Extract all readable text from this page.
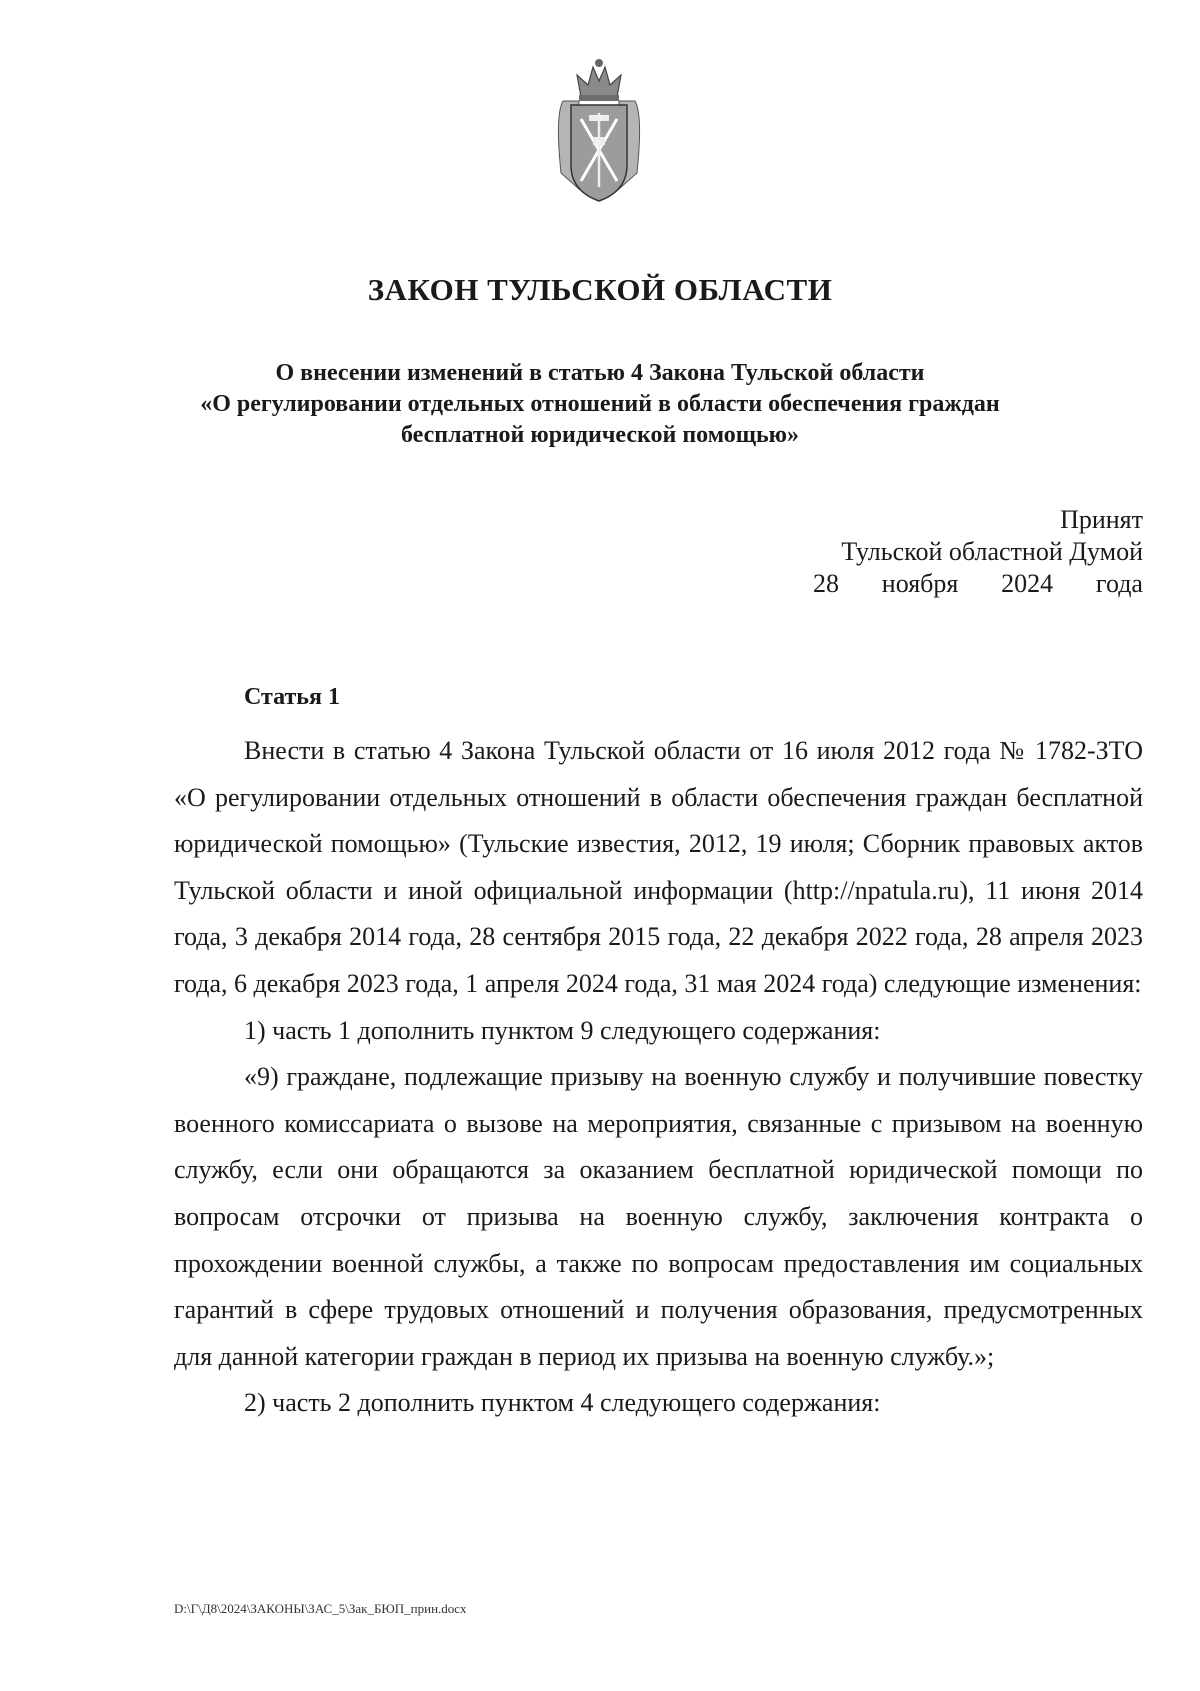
ЗАКОН ТУЛЬСКОЙ ОБЛАСТИ
О внесении изменений в статью 4 Закона Тульской области
«О регулировании отдельных отношений в области обеспечения граждан
бесплатной юридической помощью»
Принят
Тульской областной Думой
28 ноября 2024 года
Статья 1

Внести в статью 4 Закона Тульской области от 16 июля 2012 года № 1782-ЗТО «О регулировании отдельных отношений в области обеспечения граждан бесплатной юридической помощью» (Тульские известия, 2012, 19 июля; Сборник правовых актов Тульской области и иной официальной информации (http://npatula.ru), 11 июня 2014 года, 3 декабря 2014 года, 28 сентября 2015 года, 22 декабря 2022 года, 28 апреля 2023 года, 6 декабря 2023 года, 1 апреля 2024 года, 31 мая 2024 года) следующие изменения:

1) часть 1 дополнить пунктом 9 следующего содержания:

«9) граждане, подлежащие призыву на военную службу и получившие повестку военного комиссариата о вызове на мероприятия, связанные с призывом на военную службу, если они обращаются за оказанием бесплатной юридической помощи по вопросам отсрочки от призыва на военную службу, заключения контракта о прохождении военной службы, а также по вопросам предоставления им социальных гарантий в сфере трудовых отношений и получения образования, предусмотренных для данной категории граждан в период их призыва на военную службу.»;

2) часть 2 дополнить пунктом 4 следующего содержания:

D:\Г\Д8\2024\ЗАКОНЫ\ЗАС_5\Зак_БЮП_прин.docx
